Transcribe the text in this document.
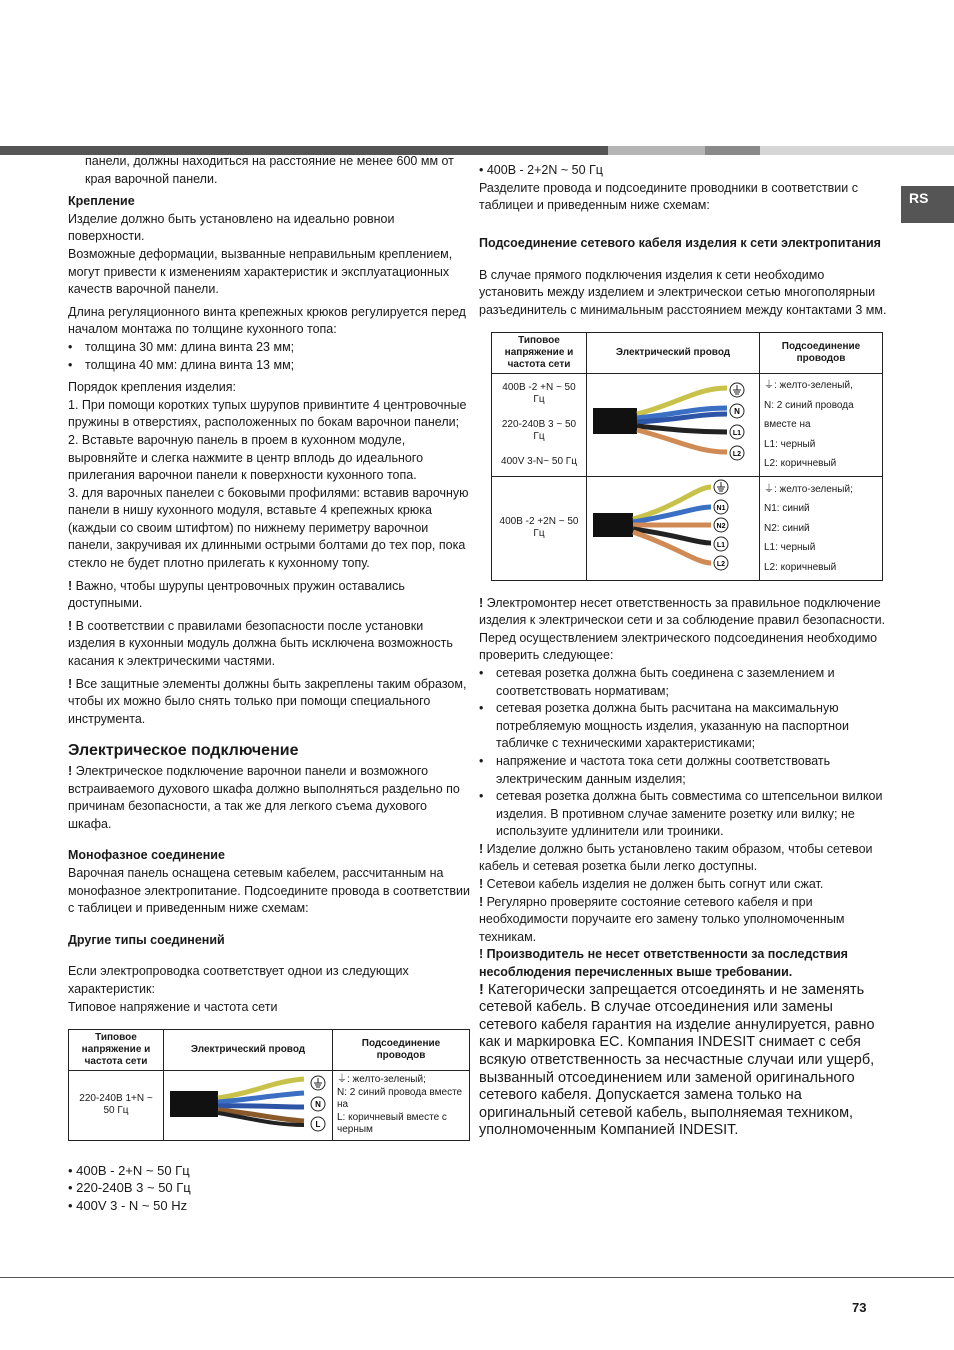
RS

панели, должны находиться на расстояние не менее 600 мм от края варочной панели.

Крепление

Изделие должно быть установлено на идеально ровнои поверхности.

Возможные деформации, вызванные неправильным креплением, могут привести к изменениям характеристик и эксплуатационных качеств варочной панели.

Длина регуляционного винта крепежных крюков регулируется перед началом монтажа по толщине кухонного топа:

• толщина 30 мм: длина винта 23 мм;
• толщина 40 мм: длина винта 13 мм;

Порядок крепления изделия:

1. При помощи коротких тупых шурупов привинтите 4 центровочные пружины в отверстиях, расположенных по бокам варочнои панели;

2. Вставьте варочную панель в проем в кухонном модуле, выровняйте и слегка нажмите в центр вплодь до идеального прилегания варочнои панели к поверхности кухонного топа.

3. для варочных панелеи с боковыми профилями: вставив варочную панели в нишу кухонного модуля, вставьте 4 крепежных крюка (каждыи со своим штифтом) по нижнему периметру варочнои панели, закручивая их длинными острыми болтами до тех пор, пока стекло не будет плотно прилегать к кухонному топу.

! Важно, чтобы шурупы центровочных пружин оставались доступными.

! В соответствии с правилами безопасности после установки изделия в кухонныи модуль должна быть исключена возможность касания к электрическими частями.

! Все защитные элементы должны быть закреплены таким образом, чтобы их можно было снять только при помощи специального инструмента.

Электрическое подключение

! Электрическое подключение варочнои панели и возможного встраиваемого духового шкафа должно выполняться раздельно по причинам безопасности, а так же для легкого съема духового шкафа.

Монофазное соединение

Варочная панель оснащена сетевым кабелем, рассчитанным на монофазное электропитание. Подсоедините провода в соответствии с таблицеи и приведенным ниже схемам:

Другие типы соединений

Если электропроводка соответствует однои из следующих характеристик:

Типовое напряжение и частота сети

Типовое напряжение и частота сети	Электрический провод	Подсоединение проводов
220-240В 1+N ~ 50 Гц	N
L	⏚: желто-зеленый;
N: 2 синий провода вместе на
L: коричневый вместе с черным

• 400В - 2+N ~ 50 Гц

• 220-240В 3 ~ 50 Гц

• 400V 3 - N ~ 50 Hz

• 400В - 2+2N ~ 50 Гц

Разделите провода и подсоедините проводники в соответствии с таблицеи и приведенным ниже схемам:

Подсоединение сетевого кабеля изделия к сети электропитания

В случае прямого подключения изделия к сети необходимо установить между изделием и электрическои сетью многополярныи разъединитель с минимальным расстоянием между контактами 3 мм.

Типовое напряжение и частота сети	Электрический провод	Подсоединение проводов

400В -2 +N ~ 50 Гц
220-240В 3 ~ 50 Гц
400V 3-N~ 50 Гц	N
L1
L2	⏚: желто-зеленый,
N: 2 синий провода
вместе на
L1: черный
L2: коричневый

400В -2 +2N ~ 50 Гц	N1
N2
L1
L2	⏚: желто-зеленый;
N1: синий
N2: синий
L1: черный
L2: коричневый

! Электромонтер несет ответственность за правильное подключение изделия к электрическои сети и за соблюдение правил безопасности.

Перед осуществлением электрического подсоединения необходимо проверить следующее:

• сетевая розетка должна быть соединена с заземлением и соответствовать нормативам;
• сетевая розетка должна быть расчитана на максимальную потребляемую мощность изделия, указанную на паспортнои табличке с техническими характеристиками;
• напряжение и частота тока сети должны соответствовать электрическим данным изделия;
• сетевая розетка должна быть совместима со штепсельнои вилкои изделия. В противном случае замените розетку или вилку; не используите удлинители или троиники.

! Изделие должно быть установлено таким образом, чтобы сетевои кабель и сетевая розетка были легко доступны.

! Сетевои кабель изделия не должен быть согнут или сжат.

! Регулярно проверяите состояние сетевого кабеля и при необходимости поручаите его замену только уполномоченным техникам.

! Производитель не несет ответственности за последствия несоблюдения перечисленных выше требовании.

! Категорически запрещается отсоединять и не заменять сетевой кабель. В случае отсоединения или замены сетевого кабеля гарантия на изделие аннулируется, равно как и маркировка ЕС. Компания INDESIT снимает с себя всякую ответственность за несчастные случаи или ущерб, вызванный отсоединением или заменой оригинального сетевого кабеля. Допускается замена только на оригинальный сетевой кабель, выполняемая техником, уполномоченным Компанией INDESIT.

73
